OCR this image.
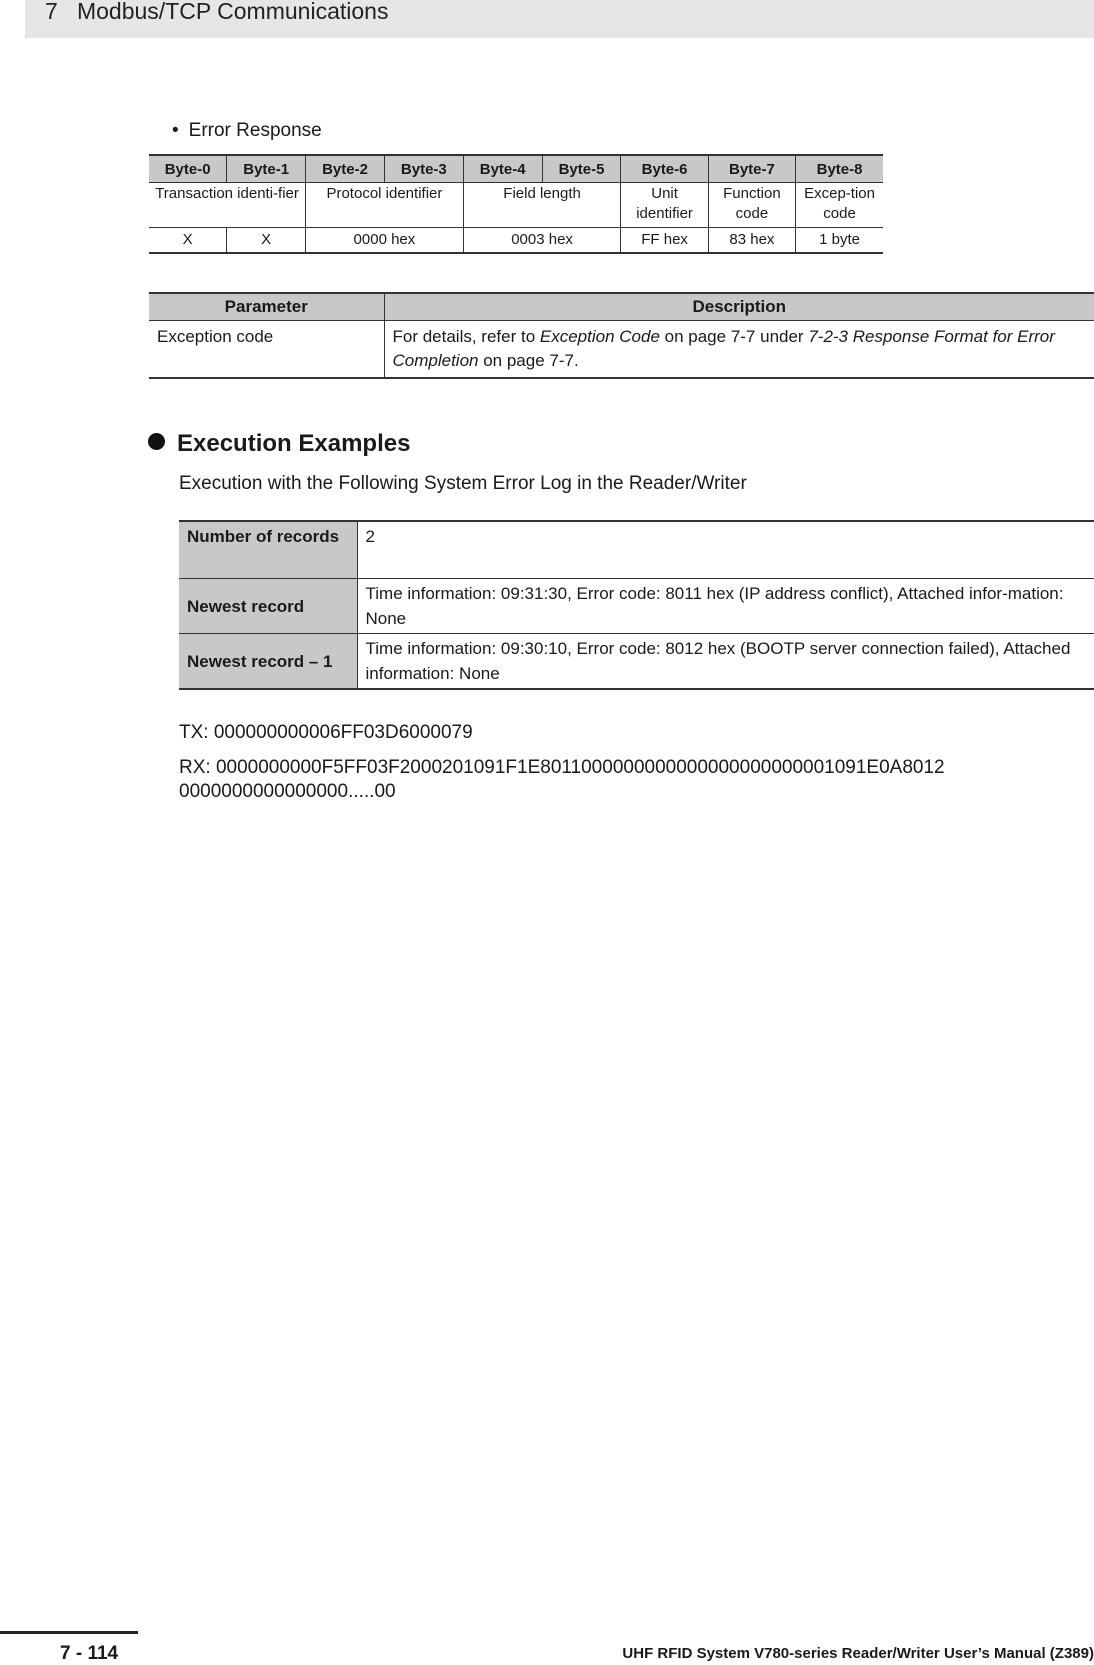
7   Modbus/TCP Communications
• Error Response
Byte-0	Byte-1	Byte-2	Byte-3	Byte-4	Byte-5	Byte-6	Byte-7	Byte-8
Transaction identi-fier		Protocol identifier		Field length		Unit identifier	Function code	Excep-tion code
X	X	0000 hex		0003 hex		FF hex	83 hex	1 byte
Parameter	Description
Exception code	For details, refer to Exception Code on page 7-7 under 7-2-3 Response Format for Error Completion on page 7-7.
Execution Examples
Execution with the Following System Error Log in the Reader/Writer
Number of records	2
Newest record	Time information: 09:31:30, Error code: 8011 hex (IP address conflict), Attached infor-mation: None
Newest record – 1	Time information: 09:30:10, Error code: 8012 hex (BOOTP server connection failed), Attached information: None
TX: 000000000006FF03D6000079
RX: 0000000000F5FF03F2000201091F1E8011000000000000000000000001091E0A8012
0000000000000000.....00
7 - 114	UHF RFID System V780-series Reader/Writer User’s Manual (Z389)
